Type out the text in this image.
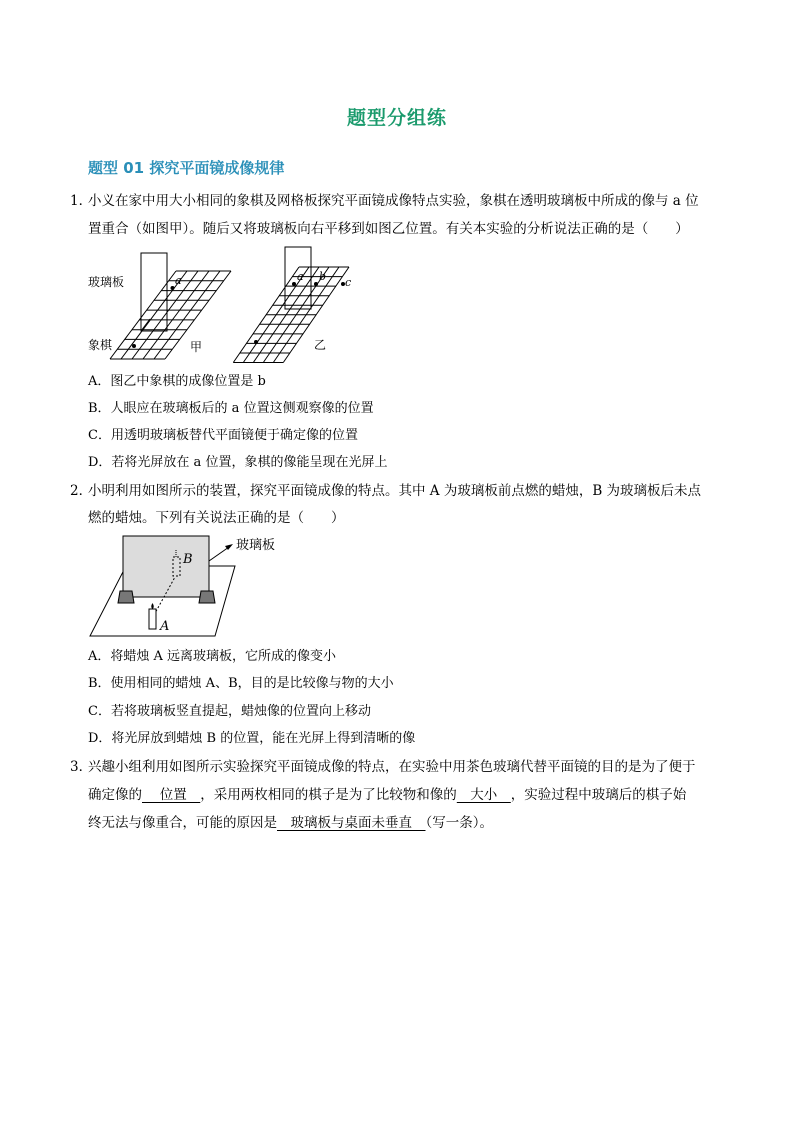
题型分组练
题型 01 探究平面镜成像规律
1．
小义在家中用大小相同的象棋及网格板探究平面镜成像特点实验，象棋在透明玻璃板中所成的像与 a 位
置重合（如图甲）。随后又将玻璃板向右平移到如图乙位置。有关本实验的分析说法正确的是（　　）
玻璃板	a
象棋	甲
a b c
乙
A．图乙中象棋的成像位置是 b
B．人眼应在玻璃板后的 a 位置这侧观察像的位置
C．用透明玻璃板替代平面镜便于确定像的位置
D．若将光屏放在 a 位置，象棋的像能呈现在光屏上
2．
小明利用如图所示的装置，探究平面镜成像的特点。其中 A 为玻璃板前点燃的蜡烛，B 为玻璃板后未点
燃的蜡烛。下列有关说法正确的是（　　）
B
A
玻璃板
A．将蜡烛 A 远离玻璃板，它所成的像变小
B．使用相同的蜡烛 A、B，目的是比较像与物的大小
C．若将玻璃板竖直提起，蜡烛像的位置向上移动
D．将光屏放到蜡烛 B 的位置，能在光屏上得到清晰的像
3．
兴趣小组利用如图所示实验探究平面镜成像的特点，在实验中用茶色玻璃代替平面镜的目的是为了便于
确定像的　 位置　，采用两枚相同的棋子是为了比较物和像的　大小　，实验过程中玻璃后的棋子始
终无法与像重合，可能的原因是　玻璃板与桌面未垂直　（写一条）。
